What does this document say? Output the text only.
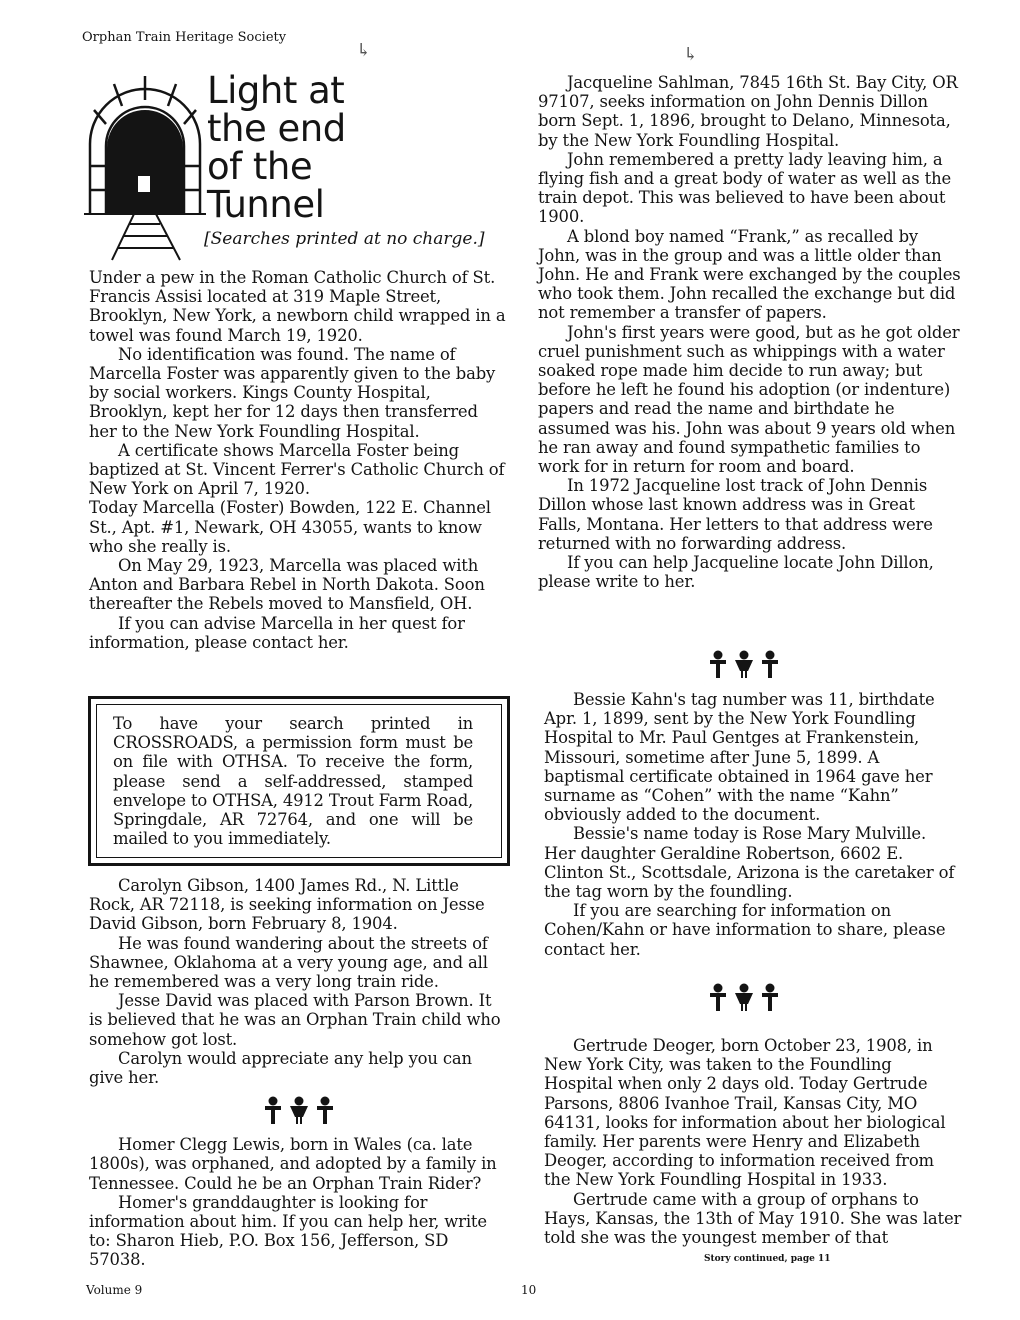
Orphan Train Heritage Society
Light at
the end
of the
Tunnel
[Searches printed at no charge.]

Under a pew in the Roman Catholic Church of St. Francis Assisi located at 319 Maple Street, Brooklyn, New York, a newborn child wrapped in a towel was found March 19, 1920.

No identification was found. The name of Marcella Foster was apparently given to the baby by social workers. Kings County Hospital, Brooklyn, kept her for 12 days then transferred her to the New York Foundling Hospital.

A certificate shows Marcella Foster being baptized at St. Vincent Ferrer's Catholic Church of New York on April 7, 1920.

Today Marcella (Foster) Bowden, 122 E. Channel St., Apt. #1, Newark, OH 43055, wants to know who she really is.

On May 29, 1923, Marcella was placed with Anton and Barbara Rebel in North Dakota. Soon thereafter the Rebels moved to Mansfield, OH.

If you can advise Marcella in her quest for information, please contact her.

To have your search printed in CROSSROADS, a permission form must be on file with OTHSA. To receive the form, please send a self-addressed, stamped envelope to OTHSA, 4912 Trout Farm Road, Springdale, AR 72764, and one will be mailed to you immediately.

Carolyn Gibson, 1400 James Rd., N. Little Rock, AR 72118, is seeking information on Jesse David Gibson, born February 8, 1904.

He was found wandering about the streets of Shawnee, Oklahoma at a very young age, and all he remembered was a very long train ride.

Jesse David was placed with Parson Brown. It is believed that he was an Orphan Train child who somehow got lost.

Carolyn would appreciate any help you can give her.

Homer Clegg Lewis, born in Wales (ca. late 1800s), was orphaned, and adopted by a family in Tennessee. Could he be an Orphan Train Rider?

Homer's granddaughter is looking for information about him. If you can help her, write to: Sharon Hieb, P.O. Box 156, Jefferson, SD 57038.

Jacqueline Sahlman, 7845 16th St. Bay City, OR 97107, seeks information on John Dennis Dillon born Sept. 1, 1896, brought to Delano, Minnesota, by the New York Foundling Hospital.

John remembered a pretty lady leaving him, a flying fish and a great body of water as well as the train depot. This was believed to have been about 1900.

A blond boy named “Frank,” as recalled by John, was in the group and was a little older than John. He and Frank were exchanged by the couples who took them. John recalled the exchange but did not remember a transfer of papers.

John's first years were good, but as he got older cruel punishment such as whippings with a water soaked rope made him decide to run away; but before he left he found his adoption (or indenture) papers and read the name and birthdate he assumed was his. John was about 9 years old when he ran away and found sympathetic families to work for in return for room and board.

In 1972 Jacqueline lost track of John Dennis Dillon whose last known address was in Great Falls, Montana. Her letters to that address were returned with no forwarding address.

If you can help Jacqueline locate John Dillon, please write to her.

Bessie Kahn's tag number was 11, birthdate Apr. 1, 1899, sent by the New York Foundling Hospital to Mr. Paul Gentges at Frankenstein, Missouri, sometime after June 5, 1899. A baptismal certificate obtained in 1964 gave her surname as “Cohen” with the name “Kahn” obviously added to the document.

Bessie's name today is Rose Mary Mulville. Her daughter Geraldine Robertson, 6602 E. Clinton St., Scottsdale, Arizona is the caretaker of the tag worn by the foundling.

If you are searching for information on Cohen/Kahn or have information to share, please contact her.

Gertrude Deoger, born October 23, 1908, in New York City, was taken to the Foundling Hospital when only 2 days old. Today Gertrude Parsons, 8806 Ivanhoe Trail, Kansas City, MO 64131, looks for information about her biological family. Her parents were Henry and Elizabeth Deoger, according to information received from the New York Foundling Hospital in 1933.

Gertrude came with a group of orphans to Hays, Kansas, the 13th of May 1910. She was later told she was the youngest member of that

Story continued, page 11
↳	↳
Volume 9	10
